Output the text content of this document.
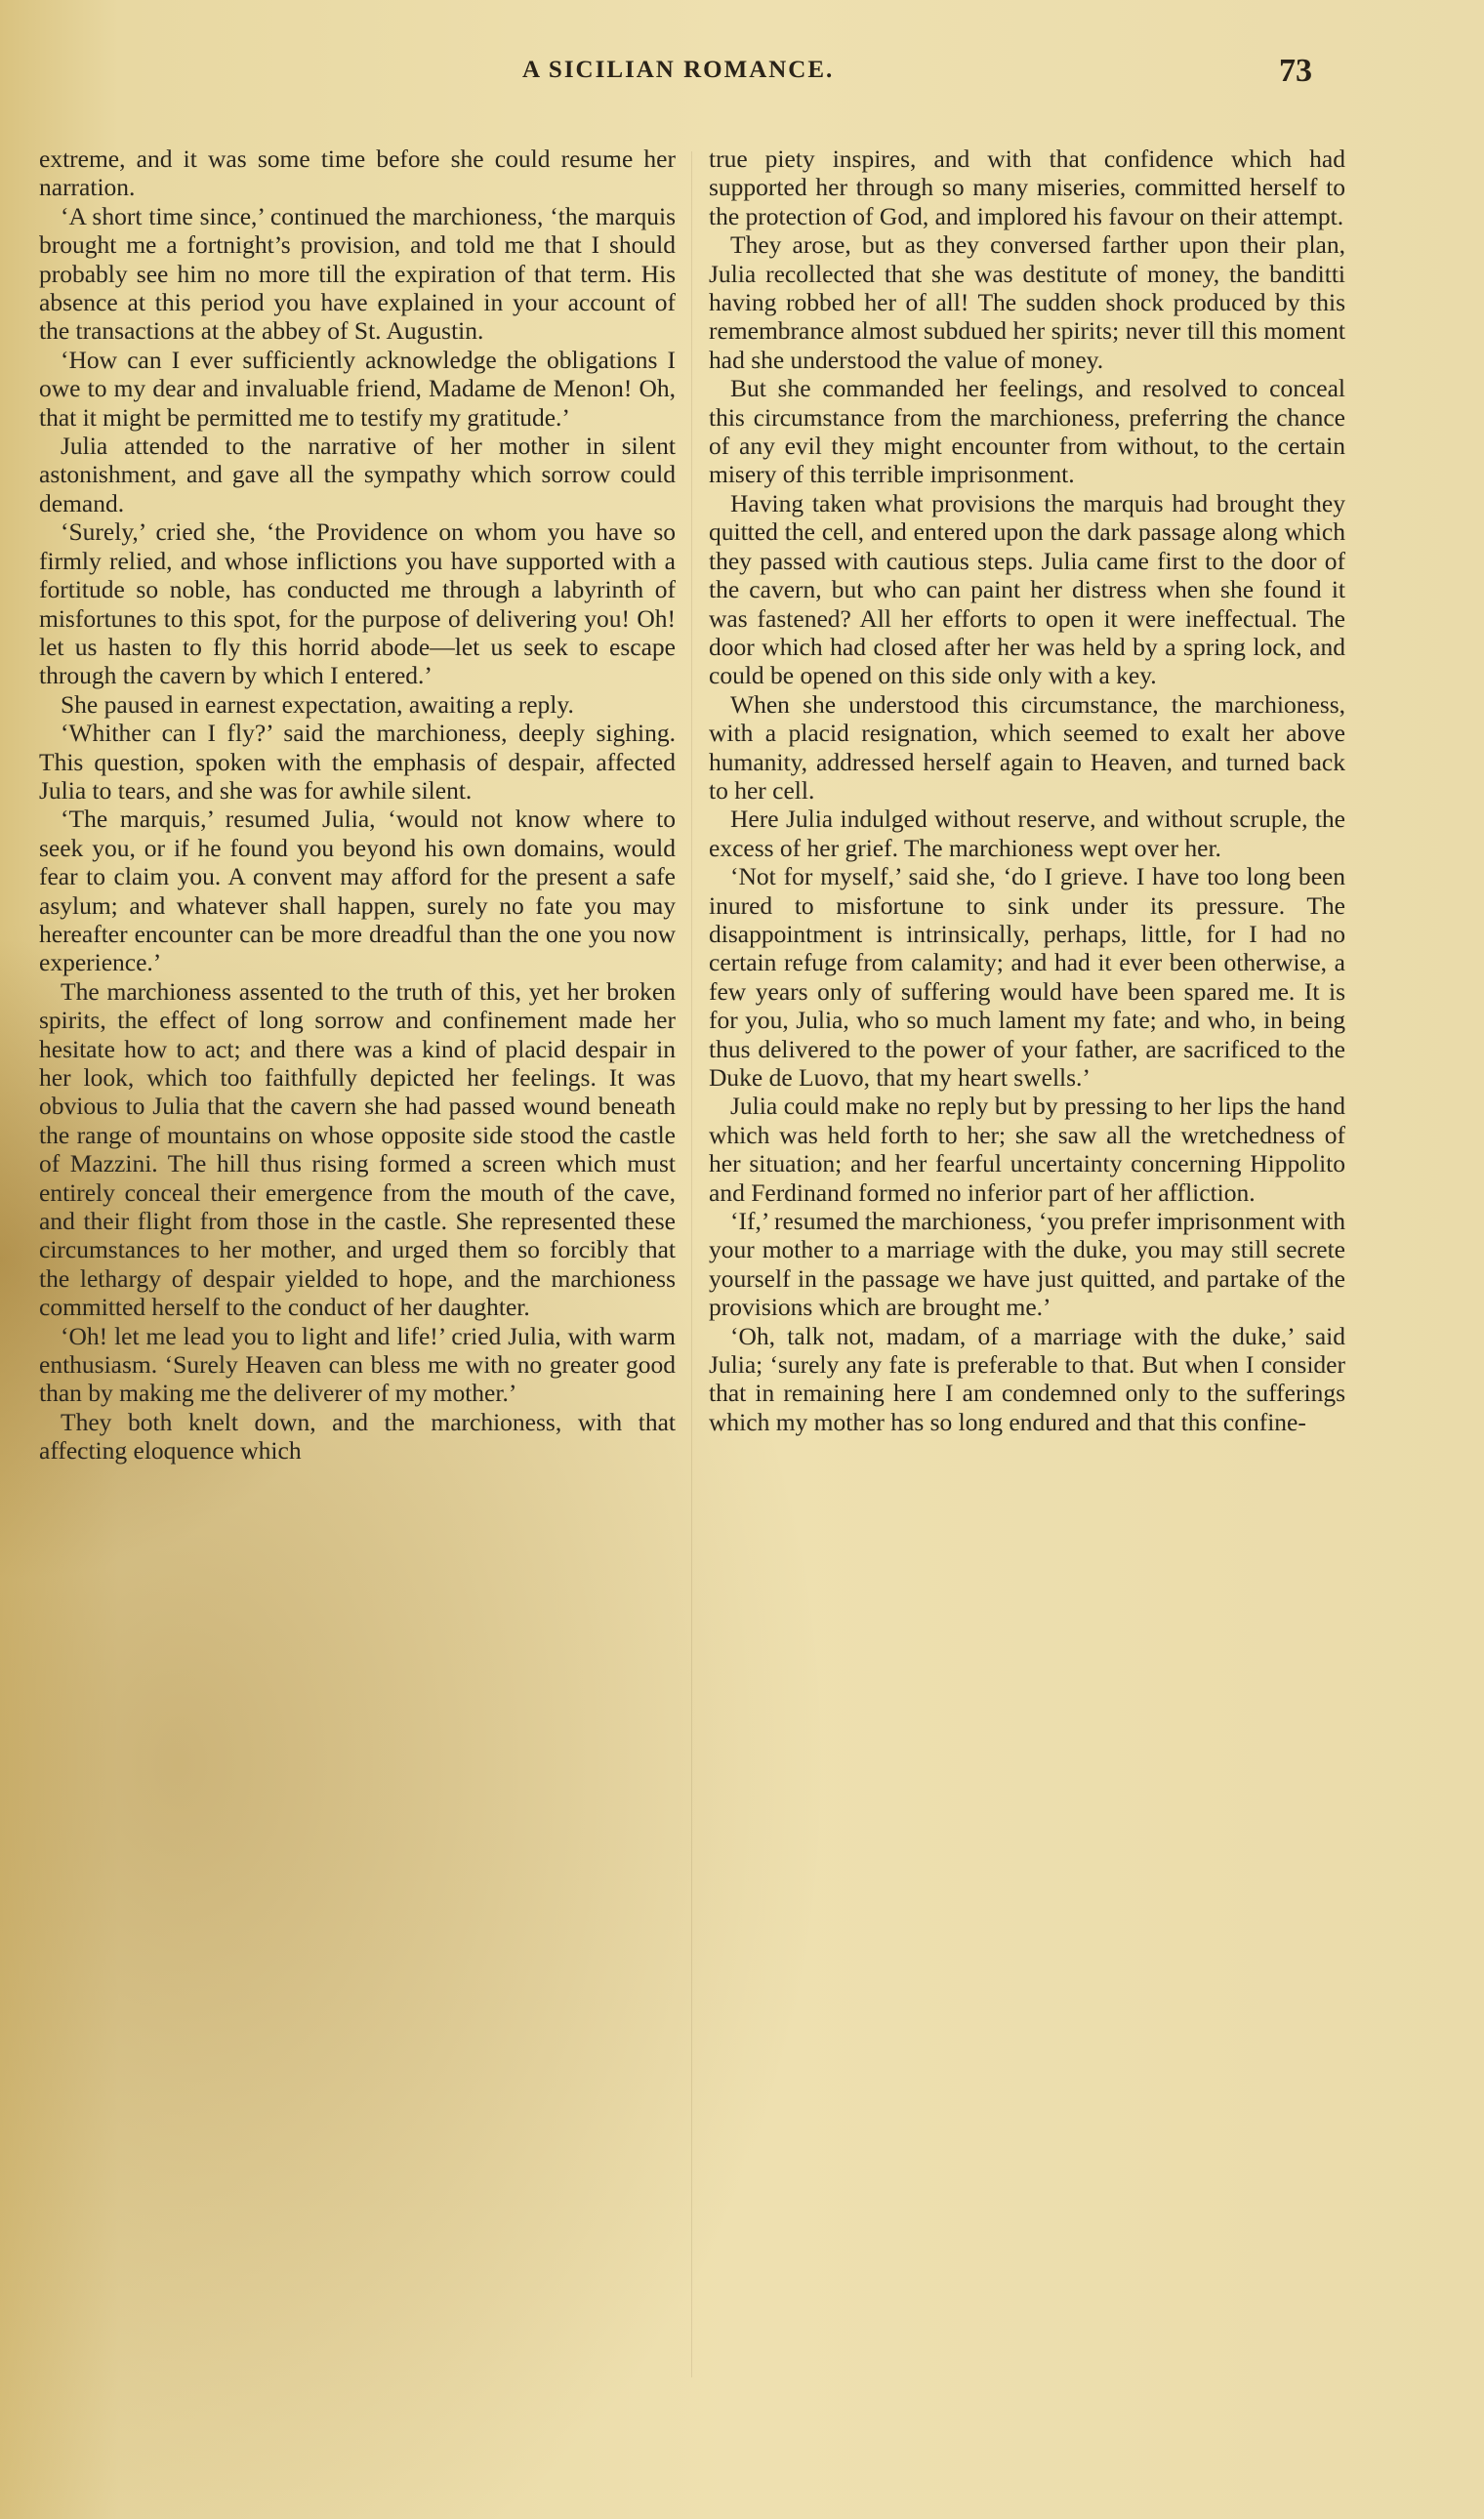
A SICILIAN ROMANCE.	73

extreme, and it was some time before she could resume her narration.

‘A short time since,’ continued the marchioness, ‘the marquis brought me a fortnight’s provision, and told me that I should probably see him no more till the expiration of that term. His absence at this period you have explained in your account of the transactions at the abbey of St. Augustin.

‘How can I ever sufficiently acknowledge the obligations I owe to my dear and invaluable friend, Madame de Menon! Oh, that it might be permitted me to testify my gratitude.’

Julia attended to the narrative of her mother in silent astonishment, and gave all the sympathy which sorrow could demand.

‘Surely,’ cried she, ‘the Providence on whom you have so firmly relied, and whose inflictions you have supported with a fortitude so noble, has conducted me through a labyrinth of misfortunes to this spot, for the purpose of delivering you! Oh! let us hasten to fly this horrid abode—let us seek to escape through the cavern by which I entered.’

She paused in earnest expectation, awaiting a reply.

‘Whither can I fly?’ said the marchioness, deeply sighing. This question, spoken with the emphasis of despair, affected Julia to tears, and she was for awhile silent.

‘The marquis,’ resumed Julia, ‘would not know where to seek you, or if he found you beyond his own domains, would fear to claim you. A convent may afford for the present a safe asylum; and whatever shall happen, surely no fate you may hereafter encounter can be more dreadful than the one you now experience.’

The marchioness assented to the truth of this, yet her broken spirits, the effect of long sorrow and confinement made her hesitate how to act; and there was a kind of placid despair in her look, which too faithfully depicted her feelings. It was obvious to Julia that the cavern she had passed wound beneath the range of mountains on whose opposite side stood the castle of Mazzini. The hill thus rising formed a screen which must entirely conceal their emergence from the mouth of the cave, and their flight from those in the castle. She represented these circumstances to her mother, and urged them so forcibly that the lethargy of despair yielded to hope, and the marchioness committed herself to the conduct of her daughter.

‘Oh! let me lead you to light and life!’ cried Julia, with warm enthusiasm. ‘Surely Heaven can bless me with no greater good than by making me the deliverer of my mother.’

They both knelt down, and the marchioness, with that affecting eloquence which

true piety inspires, and with that confidence which had supported her through so many miseries, committed herself to the protection of God, and implored his favour on their attempt.

They arose, but as they conversed farther upon their plan, Julia recollected that she was destitute of money, the banditti having robbed her of all! The sudden shock produced by this remembrance almost subdued her spirits; never till this moment had she understood the value of money.

But she commanded her feelings, and resolved to conceal this circumstance from the marchioness, preferring the chance of any evil they might encounter from without, to the certain misery of this terrible imprisonment.

Having taken what provisions the marquis had brought they quitted the cell, and entered upon the dark passage along which they passed with cautious steps. Julia came first to the door of the cavern, but who can paint her distress when she found it was fastened? All her efforts to open it were ineffectual. The door which had closed after her was held by a spring lock, and could be opened on this side only with a key.

When she understood this circumstance, the marchioness, with a placid resignation, which seemed to exalt her above humanity, addressed herself again to Heaven, and turned back to her cell.

Here Julia indulged without reserve, and without scruple, the excess of her grief. The marchioness wept over her.

‘Not for myself,’ said she, ‘do I grieve. I have too long been inured to misfortune to sink under its pressure. The disappointment is intrinsically, perhaps, little, for I had no certain refuge from calamity; and had it ever been otherwise, a few years only of suffering would have been spared me. It is for you, Julia, who so much lament my fate; and who, in being thus delivered to the power of your father, are sacrificed to the Duke de Luovo, that my heart swells.’

Julia could make no reply but by pressing to her lips the hand which was held forth to her; she saw all the wretchedness of her situation; and her fearful uncertainty concerning Hippolito and Ferdinand formed no inferior part of her affliction.

‘If,’ resumed the marchioness, ‘you prefer imprisonment with your mother to a marriage with the duke, you may still secrete yourself in the passage we have just quitted, and partake of the provisions which are brought me.’

‘Oh, talk not, madam, of a marriage with the duke,’ said Julia; ‘surely any fate is preferable to that. But when I consider that in remaining here I am condemned only to the sufferings which my mother has so long endured and that this confine-
